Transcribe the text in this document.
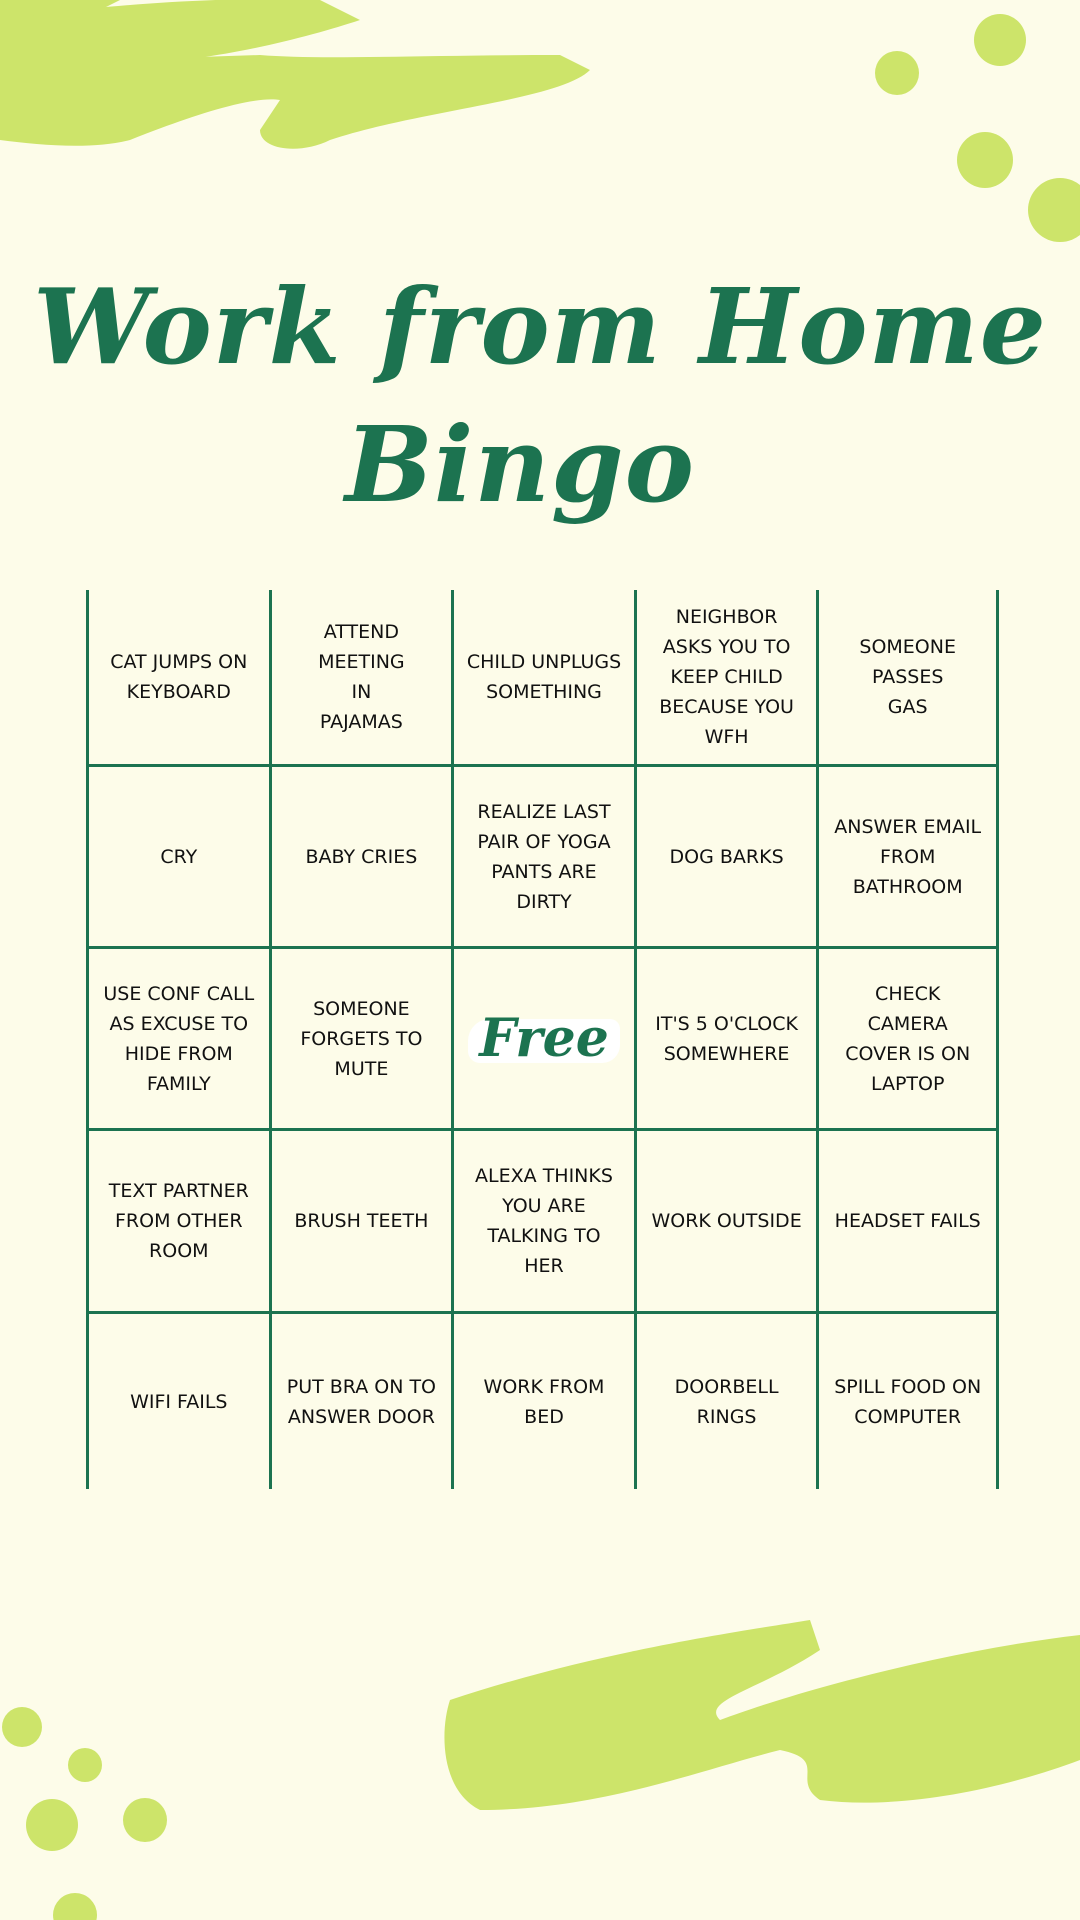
Work from Home
Bingo
CAT JUMPS ON
KEYBOARD
ATTEND
MEETING
IN
PAJAMAS
CHILD UNPLUGS
SOMETHING
NEIGHBOR
ASKS YOU TO
KEEP CHILD
BECAUSE YOU
WFH
SOMEONE
PASSES
GAS
CRY	BABY CRIES
REALIZE LAST
PAIR OF YOGA
PANTS ARE
DIRTY
DOG BARKS
ANSWER EMAIL
FROM
BATHROOM
USE CONF CALL
AS EXCUSE TO
HIDE FROM
FAMILY
SOMEONE
FORGETS TO
MUTE	Free IT'S 5 O'CLOCK
SOMEWHERE
CHECK
CAMERA
COVER IS ON
LAPTOP
TEXT PARTNER
FROM OTHER
ROOM
BRUSH TEETH
ALEXA THINKS
YOU ARE
TALKING TO
HER
WORK OUTSIDE HEADSET FAILS
WIFI FAILS
PUT BRA ON TO
ANSWER DOOR
WORK FROM
BED
DOORBELL
RINGS
SPILL FOOD ON
COMPUTER
